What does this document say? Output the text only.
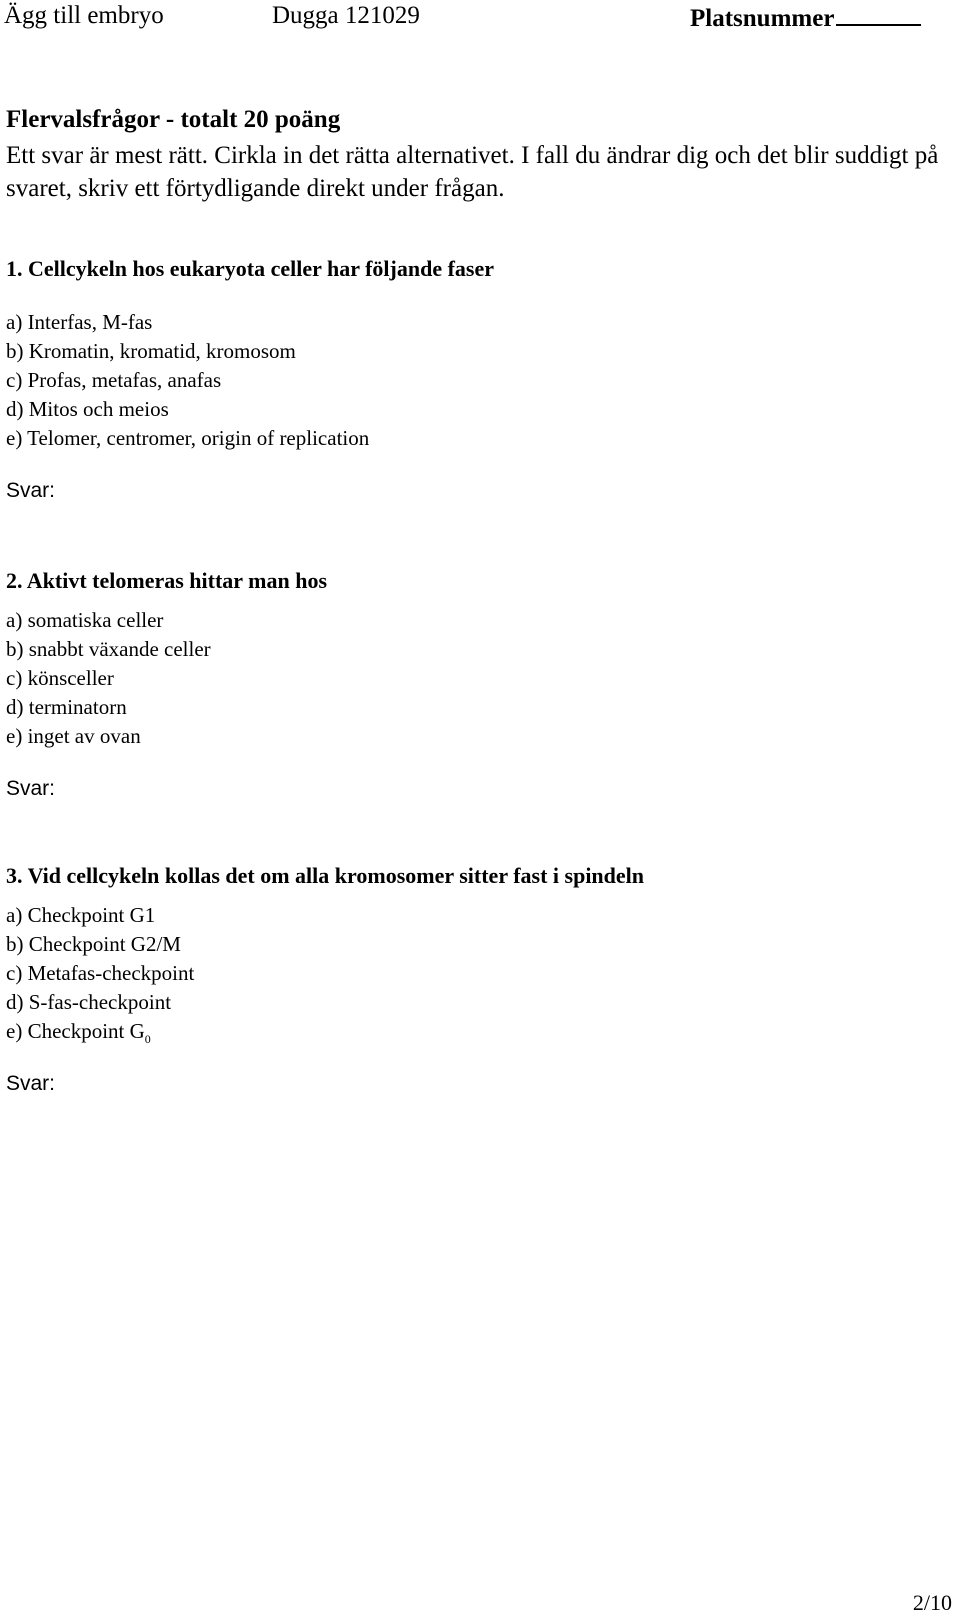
Ägg till embryo	Dugga 121029	Platsnummer
Flervalsfrågor - totalt 20 poäng
Ett svar är mest rätt. Cirkla in det rätta alternativet. I fall du ändrar dig och det blir suddigt på svaret, skriv ett förtydligande direkt under frågan.

1. Cellcykeln hos eukaryota celler har följande faser

a) Interfas, M-fas
b) Kromatin, kromatid, kromosom
c) Profas, metafas, anafas
d) Mitos och meios
e) Telomer, centromer, origin of replication
Svar:

2. Aktivt telomeras hittar man hos

a) somatiska celler
b) snabbt växande celler
c) könsceller
d) terminatorn
e) inget av ovan
Svar:

3. Vid cellcykeln kollas det om alla kromosomer sitter fast i spindeln

a) Checkpoint G1
b) Checkpoint G2/M
c) Metafas-checkpoint
d) S-fas-checkpoint
e) Checkpoint $G_0$
Svar:
2/10
